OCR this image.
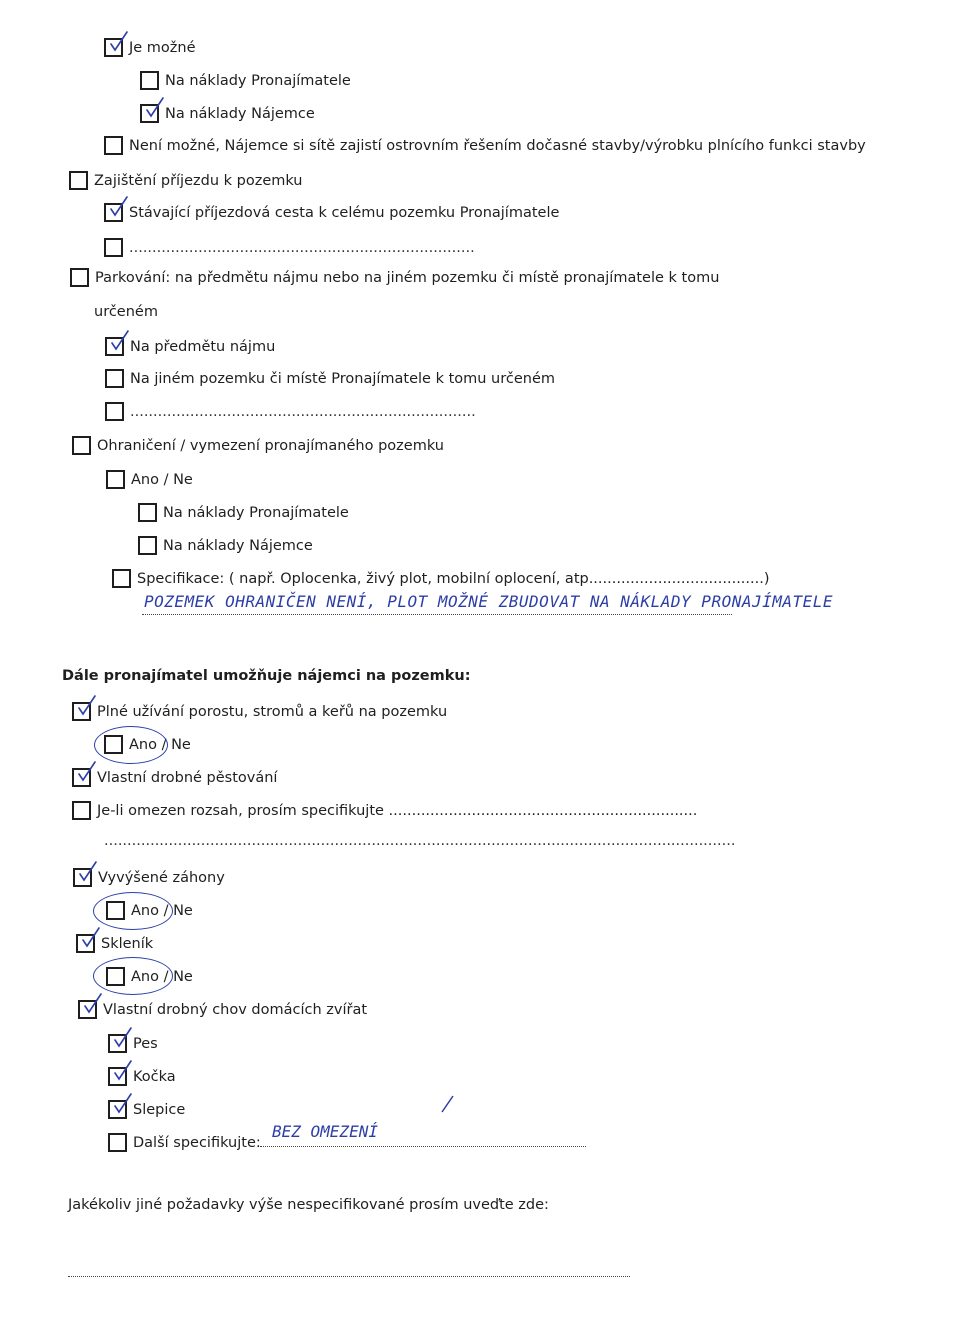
Je možné
Na náklady Pronajímatele
Na náklady Nájemce
Není možné, Nájemce si sítě zajistí ostrovním řešením dočasné stavby/výrobku plnícího funkci stavby
Zajištění příjezdu k pozemku
Stávající příjezdová cesta k celému pozemku Pronajímatele
...........................................................................
Parkování: na předmětu nájmu nebo na jiném pozemku či místě pronajímatele k tomu
určeném
Na předmětu nájmu
Na jiném pozemku či místě Pronajímatele k tomu určeném
...........................................................................
Ohraničení / vymezení pronajímaného pozemku
Ano / Ne
Na náklady Pronajímatele
Na náklady Nájemce
Specifikace: ( např. Oplocenka, živý plot, mobilní oplocení, atp......................................)
POZEMEK OHRANIČEN NENÍ, PLOT MOŽNÉ ZBUDOVAT NA NÁKLADY PRONAJÍMATELE
Dále pronajímatel umožňuje nájemci na pozemku:
Plné užívání porostu, stromů a keřů na pozemku
Ano
/ Ne
Vlastní drobné pěstování
Je-li omezen rozsah, prosím specifikujte ...................................................................
.........................................................................................................................................
Vyvýšené záhony
Ano
/ Ne
Skleník
Ano
/ Ne
Vlastní drobný chov domácích zvířat
Pes
Kočka
Slepice
Další specifikujte:
BEZ OMEZENÍ
Jakékoliv jiné požadavky výše nespecifikované prosím uveďte zde:
